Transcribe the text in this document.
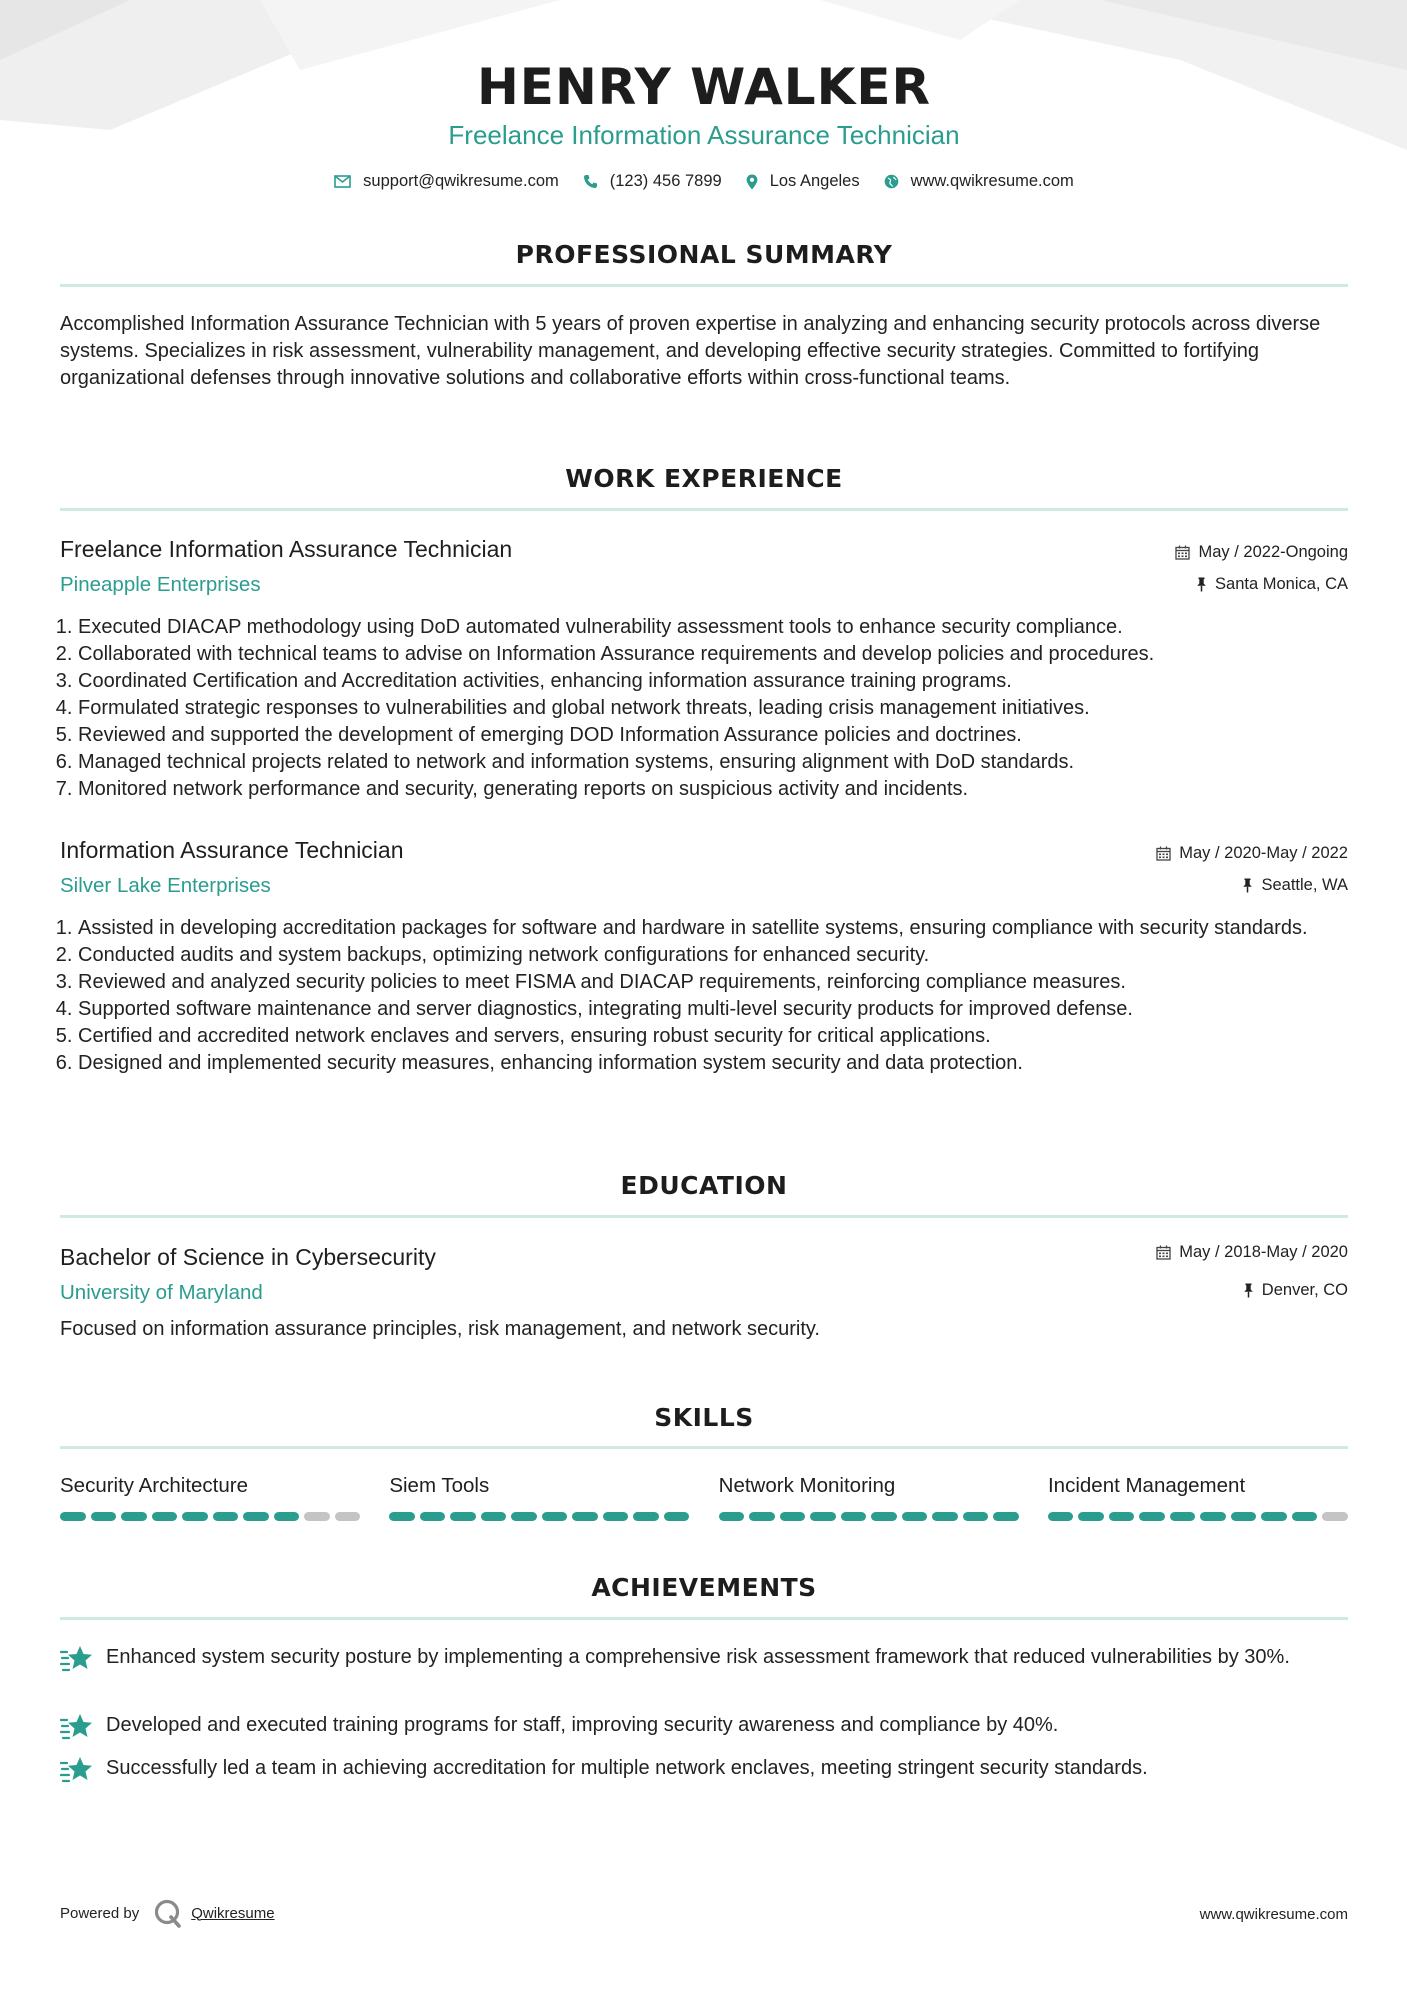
HENRY WALKER
Freelance Information Assurance Technician
support@qwikresume.com	(123) 456 7899	Los Angeles	www.qwikresume.com
PROFESSIONAL SUMMARY
Accomplished Information Assurance Technician with 5 years of proven expertise in analyzing and enhancing security protocols across diverse systems. Specializes in risk assessment, vulnerability management, and developing effective security strategies. Committed to fortifying organizational defenses through innovative solutions and collaborative efforts within cross-functional teams.
WORK EXPERIENCE
Freelance Information Assurance Technician	May / 2022-Ongoing
Pineapple Enterprises	Santa Monica, CA
1. Executed DIACAP methodology using DoD automated vulnerability assessment tools to enhance security compliance.
2. Collaborated with technical teams to advise on Information Assurance requirements and develop policies and procedures.
3. Coordinated Certification and Accreditation activities, enhancing information assurance training programs.
4. Formulated strategic responses to vulnerabilities and global network threats, leading crisis management initiatives.
5. Reviewed and supported the development of emerging DOD Information Assurance policies and doctrines.
6. Managed technical projects related to network and information systems, ensuring alignment with DoD standards.
7. Monitored network performance and security, generating reports on suspicious activity and incidents.
Information Assurance Technician	May / 2020-May / 2022
Silver Lake Enterprises	Seattle, WA
1. Assisted in developing accreditation packages for software and hardware in satellite systems, ensuring compliance with security standards.
2. Conducted audits and system backups, optimizing network configurations for enhanced security.
3. Reviewed and analyzed security policies to meet FISMA and DIACAP requirements, reinforcing compliance measures.
4. Supported software maintenance and server diagnostics, integrating multi-level security products for improved defense.
5. Certified and accredited network enclaves and servers, ensuring robust security for critical applications.
6. Designed and implemented security measures, enhancing information system security and data protection.
EDUCATION
Bachelor of Science in Cybersecurity	May / 2018-May / 2020
University of Maryland	Denver, CO
Focused on information assurance principles, risk management, and network security.
SKILLS
Security Architecture	Siem Tools	Network Monitoring	Incident Management
ACHIEVEMENTS
Enhanced system security posture by implementing a comprehensive risk assessment framework that reduced vulnerabilities by 30%.
Developed and executed training programs for staff, improving security awareness and compliance by 40%.
Successfully led a team in achieving accreditation for multiple network enclaves, meeting stringent security standards.
Powered by	Qwikresume	www.qwikresume.com
